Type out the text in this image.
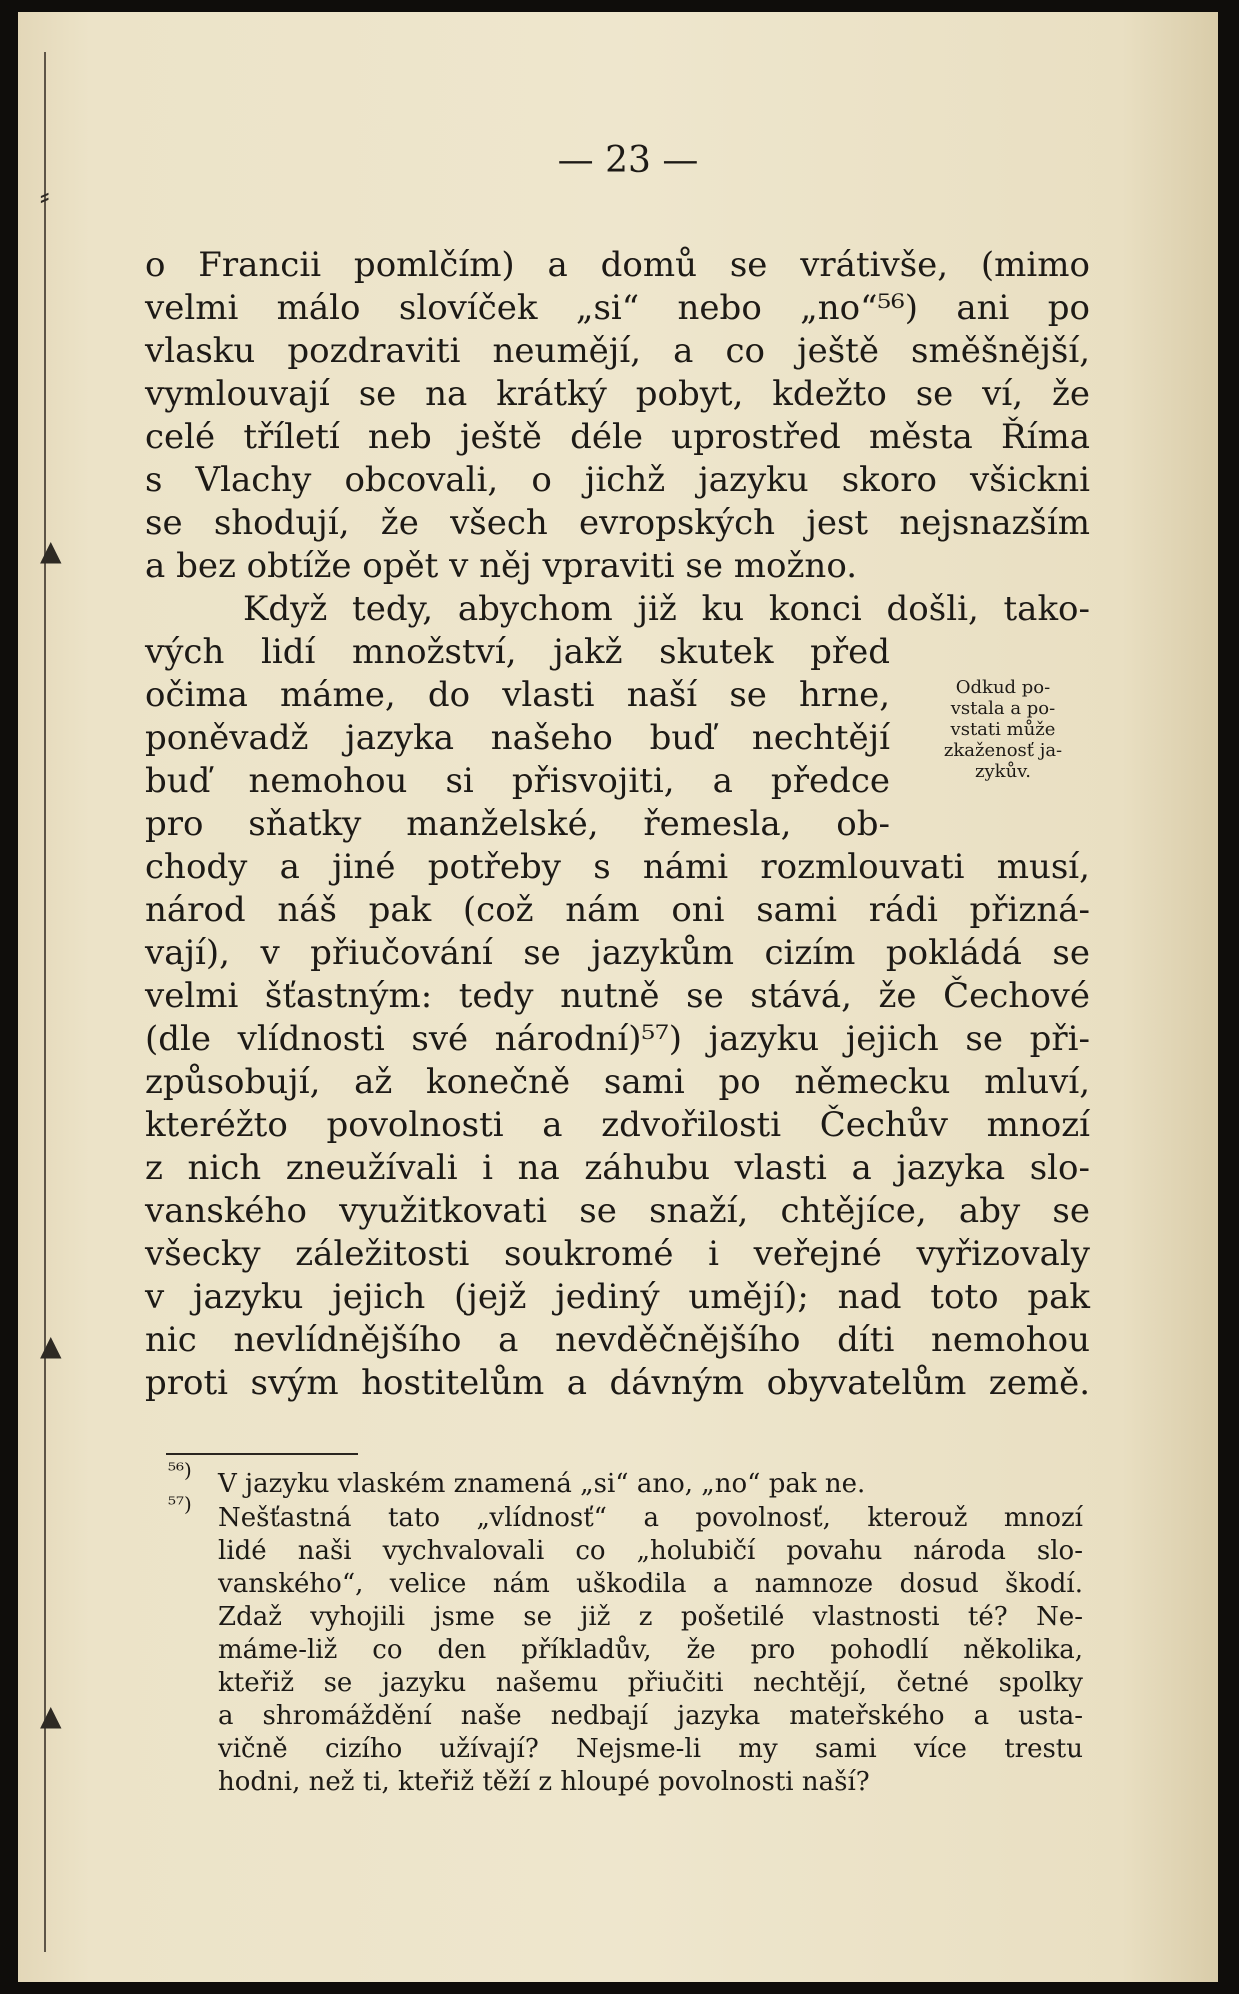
⸗
▲
▲
▲
— 23 —
o Francii pomlčím) a domů se vrátivše, (mimo
velmi málo slovíček „si“ nebo „no“⁵⁶) ani po
vlasku pozdraviti neumějí, a co ještě směšnější,
vymlouvají se na krátký pobyt, kdežto se ví, že
celé tříletí neb ještě déle uprostřed města Říma
s Vlachy obcovali, o jichž jazyku skoro všickni
se shodují, že všech evropských jest nejsnazším
a bez obtíže opět v něj vpraviti se možno.
Když tedy, abychom již ku konci došli, tako-
vých lidí množství, jakž skutek před
očima máme, do vlasti naší se hrne,
poněvadž jazyka našeho buď nechtějí
buď nemohou si přisvojiti, a předce
pro sňatky manželské, řemesla, ob-
chody a jiné potřeby s námi rozmlouvati musí,
národ náš pak (což nám oni sami rádi přizná-
vají), v přiučování se jazykům cizím pokládá se
velmi šťastným: tedy nutně se stává, že Čechové
(dle vlídnosti své národní)⁵⁷) jazyku jejich se při-
způsobují, až konečně sami po německu mluví,
kteréžto povolnosti a zdvořilosti Čechův mnozí
z nich zneužívali i na záhubu vlasti a jazyka slo-
vanského využitkovati se snaží, chtějíce, aby se
všecky záležitosti soukromé i veřejné vyřizovaly
v jazyku jejich (jejž jediný umějí); nad toto pak
nic nevlídnějšího a nevděčnějšího díti nemohou
proti svým hostitelům a dávným obyvatelům země.
Odkud po-
vstala a po-
vstati může
zkaženosť ja-
zykův.
⁵⁶) V jazyku vlaském znamená „si“ ano, „no“ pak ne.
⁵⁷) Nešťastná tato „vlídnosť“ a povolnosť, kterouž mnozí
lidé naši vychvalovali co „holubičí povahu národa slo-
vanského“, velice nám uškodila a namnoze dosud škodí.
Zdaž vyhojili jsme se již z pošetilé vlastnosti té? Ne-
máme-liž co den příkladův, že pro pohodlí několika,
kteřiž se jazyku našemu přiučiti nechtějí, četné spolky
a shromáždění naše nedbají jazyka mateřského a usta-
vičně cizího užívají? Nejsme-li my sami více trestu
hodni, než ti, kteřiž těží z hloupé povolnosti naší?
